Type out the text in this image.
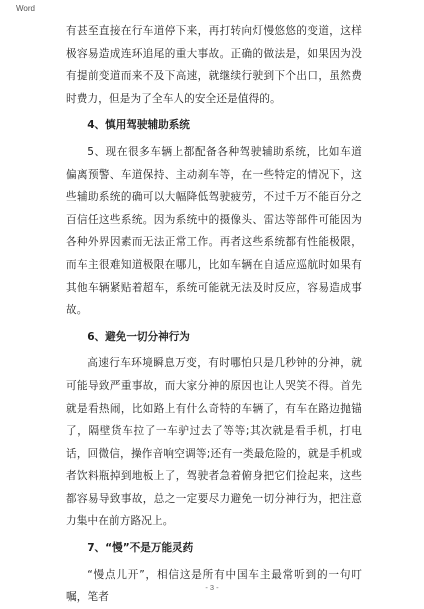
Word

有甚至直接在行车道停下来，再打转向灯慢悠悠的变道，这样极容易造成连环追尾的重大事故。正确的做法是，如果因为没有提前变道而来不及下高速，就继续行驶到下个出口，虽然费时费力，但是为了全车人的安全还是值得的。

4、慎用驾驶辅助系统

5、现在很多车辆上都配备各种驾驶辅助系统，比如车道偏离预警、车道保持、主动刹车等，在一些特定的情况下，这些辅助系统的确可以大幅降低驾驶疲劳，不过千万不能百分之百信任这些系统。因为系统中的摄像头、雷达等部件可能因为各种外界因素而无法正常工作。再者这些系统都有性能极限，而车主很难知道极限在哪儿，比如车辆在自适应巡航时如果有其他车辆紧贴着超车，系统可能就无法及时反应，容易造成事故。

6、避免一切分神行为

高速行车环境瞬息万变，有时哪怕只是几秒钟的分神，就可能导致严重事故，而大家分神的原因也让人哭笑不得。首先就是看热闹，比如路上有什么奇特的车辆了，有车在路边抛锚了，隔壁货车拉了一车驴过去了等等;其次就是看手机，打电话，回微信，操作音响空调等;还有一类最危险的，就是手机或者饮料瓶掉到地板上了，驾驶者急着俯身把它们捡起来，这些都容易导致事故，总之一定要尽力避免一切分神行为，把注意力集中在前方路况上。

7、“慢”不是万能灵药

“慢点儿开”，相信这是所有中国车主最常听到的一句叮嘱，笔者

- 3 -
